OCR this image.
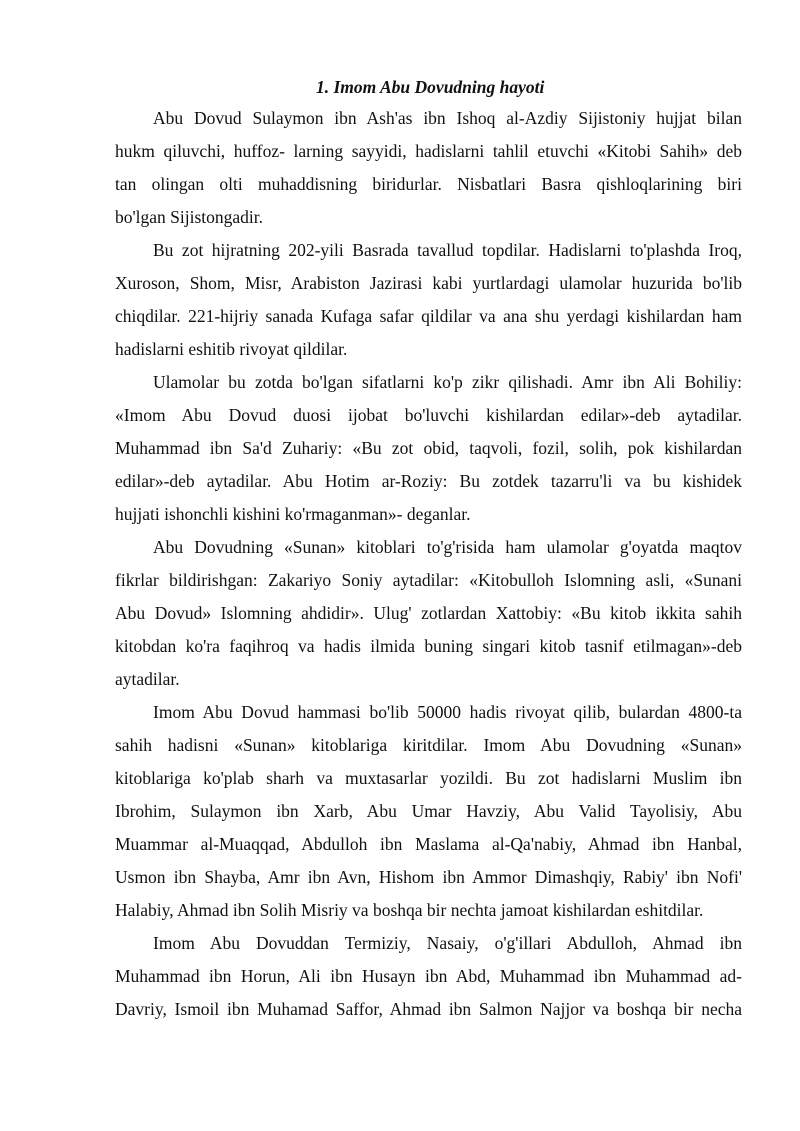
1. Imom Abu Dovudning hayoti

Abu Dovud Sulaymon ibn Ash'as ibn Ishoq al-Azdiy Sijistoniy hujjat bilan
hukm qiluvchi, huffoz- larning sayyidi, hadislarni tahlil etuvchi «Kitobi Sahih» deb
tan olingan olti muhaddisning biridurlar. Nisbatlari Basra qishloqlarining biri
bo'lgan Sijistongadir.

Bu zot hijratning 202-yili Basrada tavallud topdilar. Hadislarni to'plashda Iroq,
Xuroson, Shom, Misr, Arabiston Jazirasi kabi yurtlardagi ulamolar huzurida bo'lib
chiqdilar. 221-hijriy sanada Kufaga safar qildilar va ana shu yerdagi kishilardan ham
hadislarni eshitib rivoyat qildilar.

Ulamolar bu zotda bo'lgan sifatlarni ko'p zikr qilishadi. Amr ibn Ali Bohiliy:
«Imom Abu Dovud duosi ijobat bo'luvchi kishilardan edilar»-deb aytadilar.
Muhammad ibn Sa'd Zuhariy: «Bu zot obid, taqvoli, fozil, solih, pok kishilardan
edilar»-deb aytadilar. Abu Hotim ar-Roziy: Bu zotdek tazarru'li va bu kishidek
hujjati ishonchli kishini ko'rmaganman»- deganlar.

Abu Dovudning «Sunan» kitoblari to'g'risida ham ulamolar g'oyatda maqtov
fikrlar bildirishgan: Zakariyo Soniy aytadilar: «Kitobulloh Islomning asli, «Sunani
Abu Dovud» Islomning ahdidir». Ulug' zotlardan Xattobiy: «Bu kitob ikkita sahih
kitobdan ko'ra faqihroq va hadis ilmida buning singari kitob tasnif etilmagan»-deb
aytadilar.

Imom Abu Dovud hammasi bo'lib 50000 hadis rivoyat qilib, bulardan 4800-ta
sahih hadisni «Sunan» kitoblariga kiritdilar. Imom Abu Dovudning «Sunan»
kitoblariga ko'plab sharh va muxtasarlar yozildi. Bu zot hadislarni Muslim ibn
Ibrohim, Sulaymon ibn Xarb, Abu Umar Havziy, Abu Valid Tayolisiy, Abu
Muammar al-Muaqqad, Abdulloh ibn Maslama al-Qa'nabiy, Ahmad ibn Hanbal,
Usmon ibn Shayba, Amr ibn Avn, Hishom ibn Ammor Dimashqiy, Rabiy' ibn Nofi'
Halabiy, Ahmad ibn Solih Misriy va boshqa bir nechta jamoat kishilardan eshitdilar.

Imom Abu Dovuddan Termiziy, Nasaiy, o'g'illari Abdulloh, Ahmad ibn
Muhammad ibn Horun, Ali ibn Husayn ibn Abd, Muhammad ibn Muhammad ad-
Davriy, Ismoil ibn Muhamad Saffor, Ahmad ibn Salmon Najjor va boshqa bir necha
